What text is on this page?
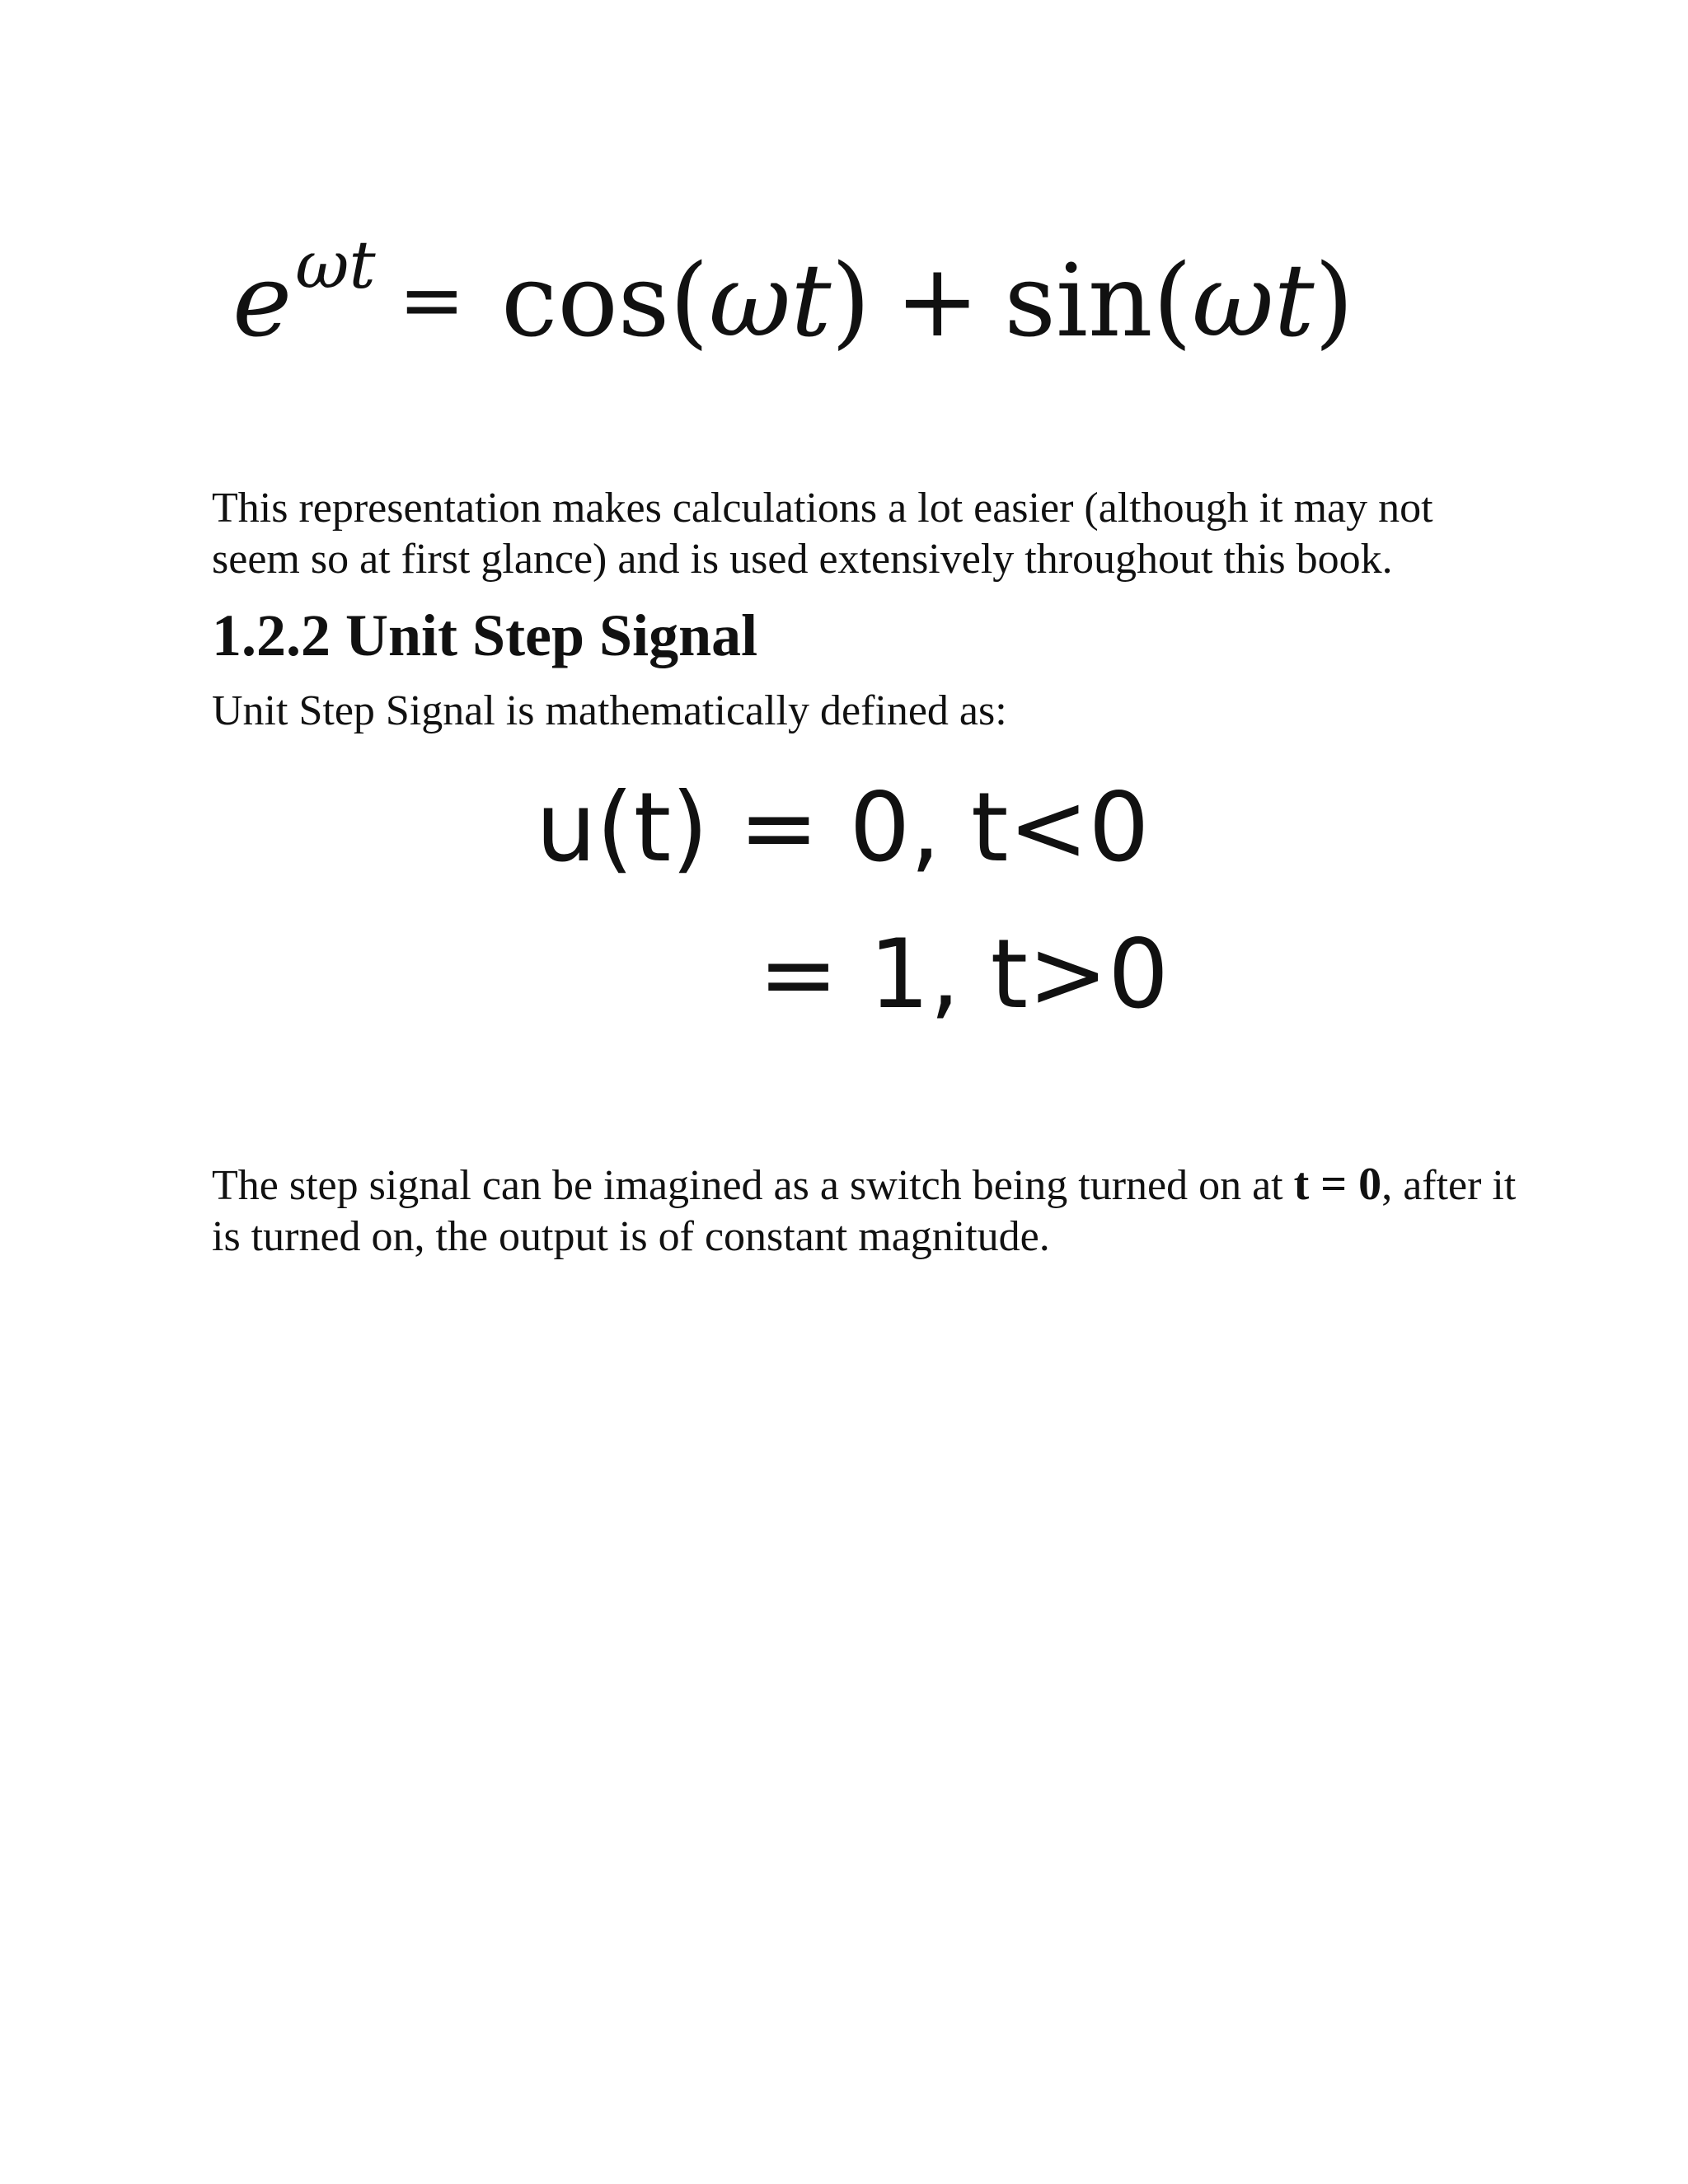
$e^{\omega t} = \cos(\omega t) + \sin(\omega t)$
This representation makes calculations a lot easier (although it may not
seem so at first glance) and is used extensively throughout this book.
1.2.2 Unit Step Signal
Unit Step Signal is mathematically defined as:
u(t) = 0, t<0
= 1, t>0
The step signal can be imagined as a switch being turned on at t = 0, after it
is turned on, the output is of constant magnitude.
